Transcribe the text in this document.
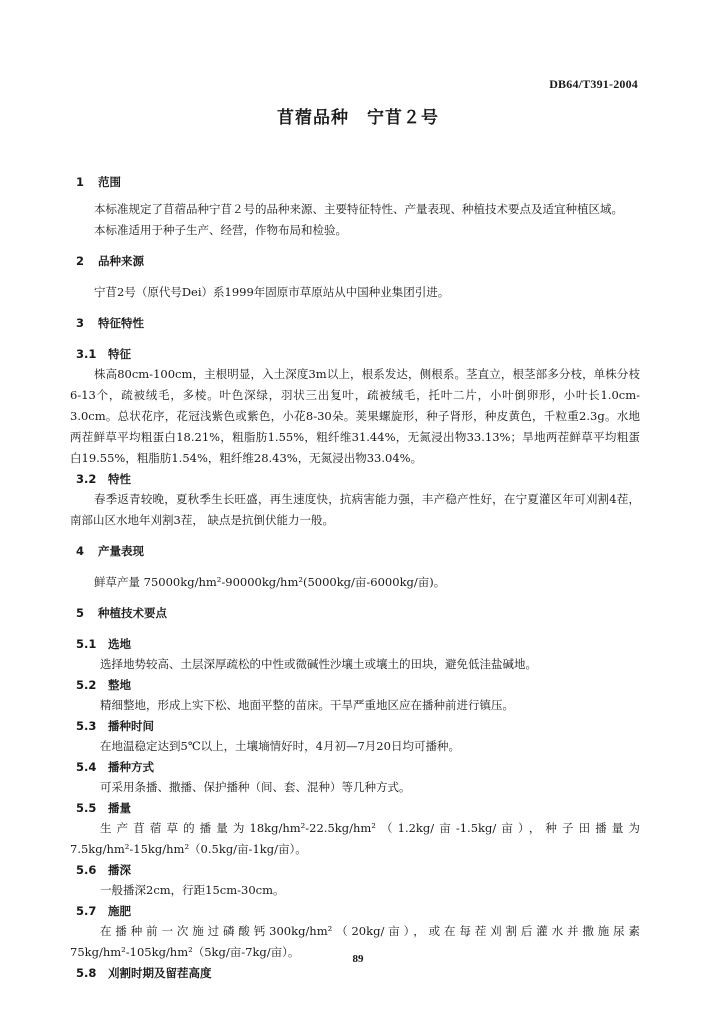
DB64/T391-2004
苜蓿品种 宁苜２号
1 范围

本标准规定了苜蓿品种宁苜２号的品种来源、主要特征特性、产量表现、种植技术要点及适宜种植区域。

本标准适用于种子生产、经营，作物布局和检验。

2 品种来源

宁苜2号（原代号Dei）系1999年固原市草原站从中国种业集团引进。

3 特征特性
3.1 特征

株高80cm-100cm，主根明显，入土深度3m以上，根系发达，侧根系。茎直立，根茎部多分枝，单株分枝6-13个，疏被绒毛，多棱。叶色深绿，羽状三出复叶，疏被绒毛，托叶二片，小叶倒卵形，小叶长1.0cm-3.0cm。总状花序，花冠浅紫色或紫色，小花8-30朵。荚果螺旋形，种子肾形，种皮黄色，千粒重2.3g。水地两茬鲜草平均粗蛋白18.21%，粗脂肪1.55%，粗纤维31.44%，无氮浸出物33.13%；旱地两茬鲜草平均粗蛋白19.55%，粗脂肪1.54%，粗纤维28.43%，无氮浸出物33.04%。

3.2 特性

春季返青较晚，夏秋季生长旺盛，再生速度快，抗病害能力强，丰产稳产性好，在宁夏灌区年可刈割4茬，南部山区水地年刈割3茬， 缺点是抗倒伏能力一般。

4 产量表现

鲜草产量 75000kg/hm²-90000kg/hm²(5000kg/亩-6000kg/亩)。

5 种植技术要点
5.1 选地

选择地势较高、土层深厚疏松的中性或微碱性沙壤土或壤土的田块，避免低洼盐碱地。

5.2 整地

精细整地，形成上实下松、地面平整的苗床。干旱严重地区应在播种前进行镇压。

5.3 播种时间

在地温稳定达到5℃以上，土壤墒情好时，4月初—7月20日均可播种。

5.4 播种方式

可采用条播、撒播、保护播种（间、套、混种）等几种方式。

5.5 播量

生产苜蓿草的播量为18kg/hm²-22.5kg/hm²（1.2kg/亩-1.5kg/亩），种子田播量为7.5kg/hm²-15kg/hm²（0.5kg/亩-1kg/亩）。

5.6 播深

一般播深2cm，行距15cm-30cm。

5.7 施肥

在播种前一次施过磷酸钙300kg/hm²（20kg/亩），或在每茬刈割后灌水并撒施尿素75kg/hm²-105kg/hm²（5kg/亩-7kg/亩）。

5.8 刈割时期及留茬高度
89
